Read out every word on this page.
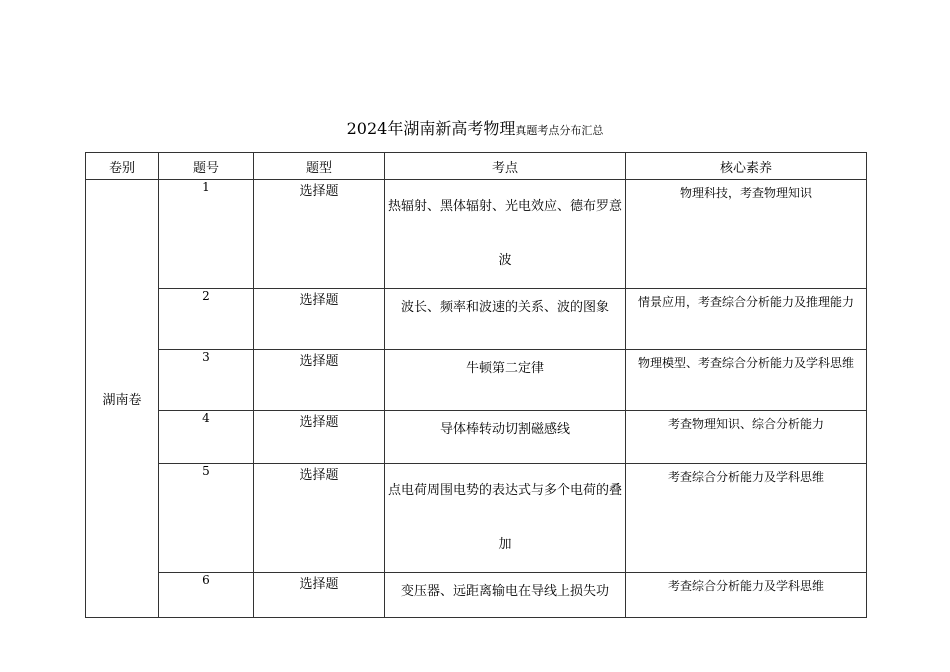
2024年湖南新高考物理真题考点分布汇总
卷别	题号	题型	考点	核心素养
湖南卷	1	选择题	热辐射、黑体辐射、光电效应、德布罗意波	物理科技，考查物理知识
	2	选择题	波长、频率和波速的关系、波的图象	情景应用，考查综合分析能力及推理能力
	3	选择题	牛顿第二定律	物理模型、考查综合分析能力及学科思维
	4	选择题	导体棒转动切割磁感线	考查物理知识、综合分析能力
	5	选择题	点电荷周围电势的表达式与多个电荷的叠加	考查综合分析能力及学科思维
	6	选择题	变压器、远距离输电在导线上损失功	考查综合分析能力及学科思维
